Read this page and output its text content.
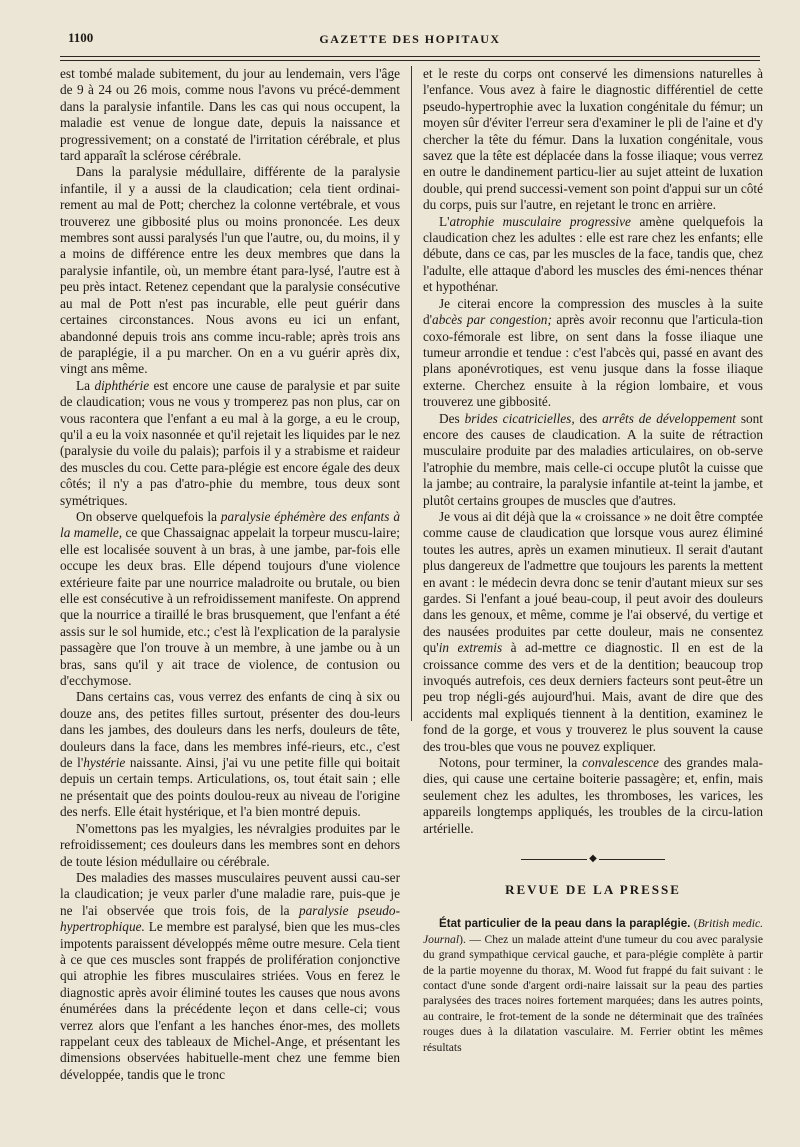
1100	GAZETTE DES HOPITAUX

est tombé malade subitement, du jour au lendemain, vers l'âge de 9 à 24 ou 26 mois, comme nous l'avons vu précé-demment dans la paralysie infantile. Dans les cas qui nous occupent, la maladie est venue de longue date, depuis la naissance et progressivement; on a constaté de l'irritation cérébrale, et plus tard apparaît la sclérose cérébrale.

Dans la paralysie médullaire, différente de la paralysie infantile, il y a aussi de la claudication; cela tient ordinai-rement au mal de Pott; cherchez la colonne vertébrale, et vous trouverez une gibbosité plus ou moins prononcée. Les deux membres sont aussi paralysés l'un que l'autre, ou, du moins, il y a moins de différence entre les deux membres que dans la paralysie infantile, où, un membre étant para-lysé, l'autre est à peu près intact. Retenez cependant que la paralysie consécutive au mal de Pott n'est pas incurable, elle peut guérir dans certaines circonstances. Nous avons eu ici un enfant, abandonné depuis trois ans comme incu-rable; après trois ans de paraplégie, il a pu marcher. On en a vu guérir après dix, vingt ans même.

La diphthérie est encore une cause de paralysie et par suite de claudication; vous ne vous y tromperez pas non plus, car on vous racontera que l'enfant a eu mal à la gorge, a eu le croup, qu'il a eu la voix nasonnée et qu'il rejetait les liquides par le nez (paralysie du voile du palais); parfois il y a strabisme et raideur des muscles du cou. Cette para-plégie est encore égale des deux côtés; il n'y a pas d'atro-phie du membre, tous deux sont symétriques.

On observe quelquefois la paralysie éphémère des enfants à la mamelle, ce que Chassaignac appelait la torpeur muscu-laire; elle est localisée souvent à un bras, à une jambe, par-fois elle occupe les deux bras. Elle dépend toujours d'une violence extérieure faite par une nourrice maladroite ou brutale, ou bien elle est consécutive à un refroidissement manifeste. On apprend que la nourrice a tiraillé le bras brusquement, que l'enfant a été assis sur le sol humide, etc.; c'est là l'explication de la paralysie passagère que l'on trouve à un membre, à une jambe ou à un bras, sans qu'il y ait trace de violence, de contusion ou d'ecchymose.

Dans certains cas, vous verrez des enfants de cinq à six ou douze ans, des petites filles surtout, présenter des dou-leurs dans les jambes, des douleurs dans les nerfs, douleurs de tête, douleurs dans la face, dans les membres infé-rieurs, etc., c'est de l'hystérie naissante. Ainsi, j'ai vu une petite fille qui boitait depuis un certain temps. Articulations, os, tout était sain ; elle ne présentait que des points doulou-reux au niveau de l'origine des nerfs. Elle était hystérique, et l'a bien montré depuis.

N'omettons pas les myalgies, les névralgies produites par le refroidissement; ces douleurs dans les membres sont en dehors de toute lésion médullaire ou cérébrale.

Des maladies des masses musculaires peuvent aussi cau-ser la claudication; je veux parler d'une maladie rare, puis-que je ne l'ai observée que trois fois, de la paralysie pseudo-hypertrophique. Le membre est paralysé, bien que les mus-cles impotents paraissent développés même outre mesure. Cela tient à ce que ces muscles sont frappés de prolifération conjonctive qui atrophie les fibres musculaires striées. Vous en ferez le diagnostic après avoir éliminé toutes les causes que nous avons énumérées dans la précédente leçon et dans celle-ci; vous verrez alors que l'enfant a les hanches énor-mes, des mollets rappelant ceux des tableaux de Michel-Ange, et présentant les dimensions observées habituelle-ment chez une femme bien développée, tandis que le tronc

et le reste du corps ont conservé les dimensions naturelles à l'enfance. Vous avez à faire le diagnostic différentiel de cette pseudo-hypertrophie avec la luxation congénitale du fémur; un moyen sûr d'éviter l'erreur sera d'examiner le pli de l'aine et d'y chercher la tête du fémur. Dans la luxation congénitale, vous savez que la tête est déplacée dans la fosse iliaque; vous verrez en outre le dandinement particu-lier au sujet atteint de luxation double, qui prend successi-vement son point d'appui sur un côté du corps, puis sur l'autre, en rejetant le tronc en arrière.

L'atrophie musculaire progressive amène quelquefois la claudication chez les adultes : elle est rare chez les enfants; elle débute, dans ce cas, par les muscles de la face, tandis que, chez l'adulte, elle attaque d'abord les muscles des émi-nences thénar et hypothénar.

Je citerai encore la compression des muscles à la suite d'abcès par congestion; après avoir reconnu que l'articula-tion coxo-fémorale est libre, on sent dans la fosse iliaque une tumeur arrondie et tendue : c'est l'abcès qui, passé en avant des plans aponévrotiques, est venu jusque dans la fosse iliaque externe. Cherchez ensuite à la région lombaire, et vous trouverez une gibbosité.

Des brides cicatricielles, des arrêts de développement sont encore des causes de claudication. A la suite de rétraction musculaire produite par des maladies articulaires, on ob-serve l'atrophie du membre, mais celle-ci occupe plutôt la cuisse que la jambe; au contraire, la paralysie infantile at-teint la jambe, et plutôt certains groupes de muscles que d'autres.

Je vous ai dit déjà que la « croissance » ne doit être comptée comme cause de claudication que lorsque vous aurez éliminé toutes les autres, après un examen minutieux. Il serait d'autant plus dangereux de l'admettre que toujours les parents la mettent en avant : le médecin devra donc se tenir d'autant mieux sur ses gardes. Si l'enfant a joué beau-coup, il peut avoir des douleurs dans les genoux, et même, comme je l'ai observé, du vertige et des nausées produites par cette douleur, mais ne consentez qu'in extremis à ad-mettre ce diagnostic. Il en est de la croissance comme des vers et de la dentition; beaucoup trop invoqués autrefois, ces deux derniers facteurs sont peut-être un peu trop négli-gés aujourd'hui. Mais, avant de dire que des accidents mal expliqués tiennent à la dentition, examinez le fond de la gorge, et vous y trouverez le plus souvent la cause des trou-bles que vous ne pouvez expliquer.

Notons, pour terminer, la convalescence des grandes mala-dies, qui cause une certaine boiterie passagère; et, enfin, mais seulement chez les adultes, les thromboses, les varices, les appareils longtemps appliqués, les troubles de la circu-lation artérielle.

◆
REVUE DE LA PRESSE

État particulier de la peau dans la paraplégie. (British medic. Journal). — Chez un malade atteint d'une tumeur du cou avec paralysie du grand sympathique cervical gauche, et para-plégie complète à partir de la partie moyenne du thorax, M. Wood fut frappé du fait suivant : le contact d'une sonde d'argent ordi-naire laissait sur la peau des parties paralysées des traces noires fortement marquées; dans les autres points, au contraire, le frot-tement de la sonde ne déterminait que des traînées rouges dues à la dilatation vasculaire. M. Ferrier obtint les mêmes résultats
